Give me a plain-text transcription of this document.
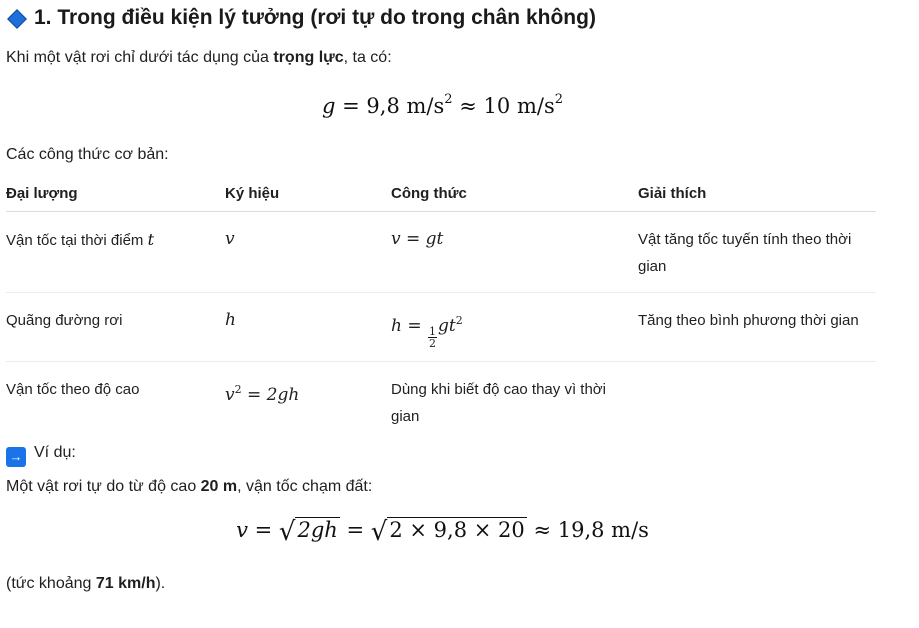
1. Trong điều kiện lý tưởng (rơi tự do trong chân không)
Khi một vật rơi chỉ dưới tác dụng của trọng lực, ta có:
g = 9,8 $m/s^2 \approx 10$ $m/s^2$
Các công thức cơ bản:
Đại lượng	Ký hiệu	Công thức	Giải thích
Vận tốc tại thời điểm t	v	v = gt	Vật tăng tốc tuyến tính theo thời gian
Quãng đường rơi	h	$h = \frac{1}{2} gt^2$	Tăng theo bình phương thời gian
Vận tốc theo độ cao	$v^2 = 2gh$	Dùng khi biết độ cao thay vì thời gian	
→ Ví dụ:
Một vật rơi tự do từ độ cao 20 m, vận tốc chạm đất:
v = √2gh = √2 × 9,8 × 20 ≈ 19,8 m/s
(tức khoảng 71 km/h).
